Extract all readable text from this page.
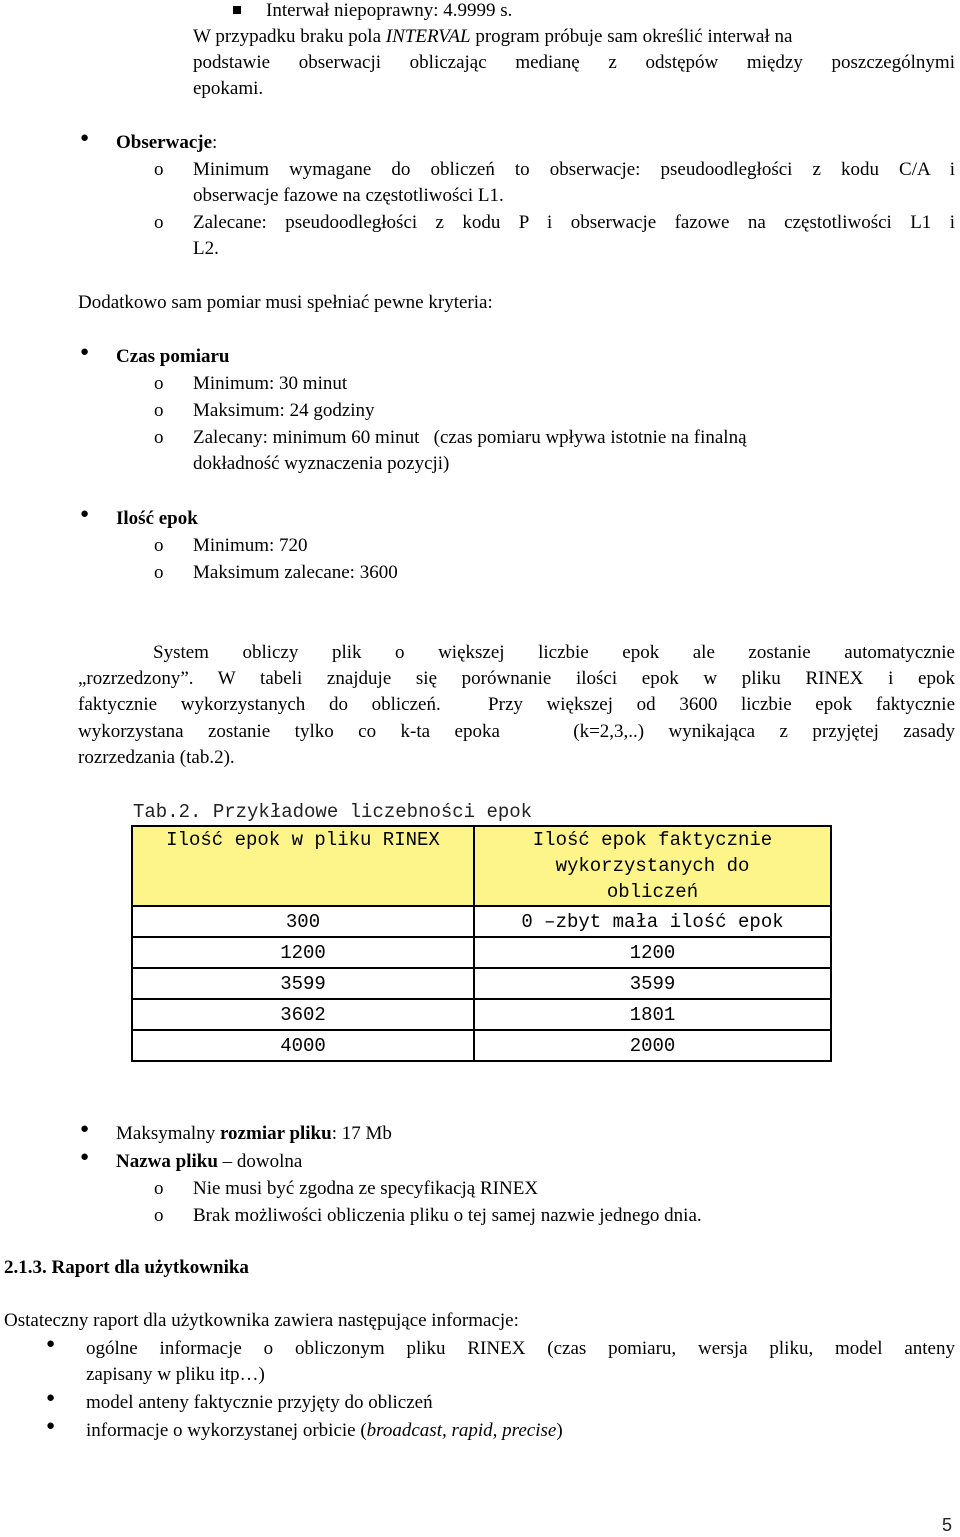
Interwał niepoprawny: 4.9999 s.
W przypadku braku pola INTERVAL program próbuje sam określić interwał na
podstawie obserwacji obliczając medianę z odstępów między poszczególnymi
epokami.
● Obserwacje:
o Minimum wymagane do obliczeń to obserwacje: pseudoodległości z kodu C/A i
obserwacje fazowe na częstotliwości L1.
o Zalecane: pseudoodległości z kodu P i obserwacje fazowe na częstotliwości L1 i
L2.
Dodatkowo sam pomiar musi spełniać pewne kryteria:
● Czas pomiaru
o Minimum: 30 minut
o Maksimum: 24 godziny
o Zalecany: minimum 60 minut   (czas pomiaru wpływa istotnie na finalną
dokładność wyznaczenia pozycji)
● Ilość epok
o Minimum: 720
o Maksimum zalecane: 3600
System obliczy plik o większej liczbie epok ale zostanie automatycznie
„rozrzedzony”. W tabeli znajduje się porównanie ilości epok w pliku RINEX i epok
faktycznie wykorzystanych do obliczeń.  Przy większej od 3600 liczbie epok faktycznie
wykorzystana zostanie tylko co k-ta epoka   (k=2,3,..) wynikająca z przyjętej zasady
rozrzedzania (tab.2).
Tab.2. Przykładowe liczebności epok
Ilość epok w pliku RINEX	Ilość epok faktycznie
wykorzystanych do
obliczeń

300	0 –zbyt mała ilość epok
1200	1200
3599	3599
3602	1801
4000	2000
● Maksymalny rozmiar pliku: 17 Mb
● Nazwa pliku – dowolna
o Nie musi być zgodna ze specyfikacją RINEX
o Brak możliwości obliczenia pliku o tej samej nazwie jednego dnia.
2.1.3. Raport dla użytkownika
Ostateczny raport dla użytkownika zawiera następujące informacje:
● ogólne informacje o obliczonym pliku RINEX (czas pomiaru, wersja pliku, model anteny
zapisany w pliku itp…)
● model anteny faktycznie przyjęty do obliczeń
● informacje o wykorzystanej orbicie (broadcast, rapid, precise)
5
